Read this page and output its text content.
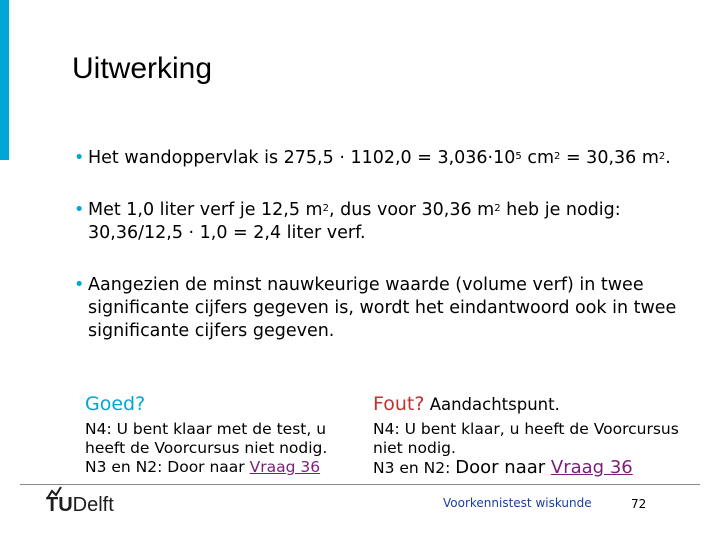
Uitwerking
• Het wandoppervlak is $275,5 \cdot 1102,0 = 3,036\cdot 10^5$ $cm^2 = 30,36$ $m^2$.
• Met 1,0 liter verf je 12,5 $m^2$, dus voor 30,36 $m^2$ heb je nodig:
30,36/12,5 · 1,0 = 2,4 liter verf.
• Aangezien de minst nauwkeurige waarde (volume verf) in twee significante cijfers gegeven is, wordt het eindantwoord ook in twee significante cijfers gegeven.
Goed?
N4: U bent klaar met de test, u heeft de Voorcursus niet nodig.
N3 en N2: Door naar Vraag 36
Fout? Aandachtspunt.
N4: U bent klaar, u heeft de Voorcursus niet nodig.
N3 en N2: Door naar Vraag 36
TUDelft	Voorkennistest wiskunde	72
